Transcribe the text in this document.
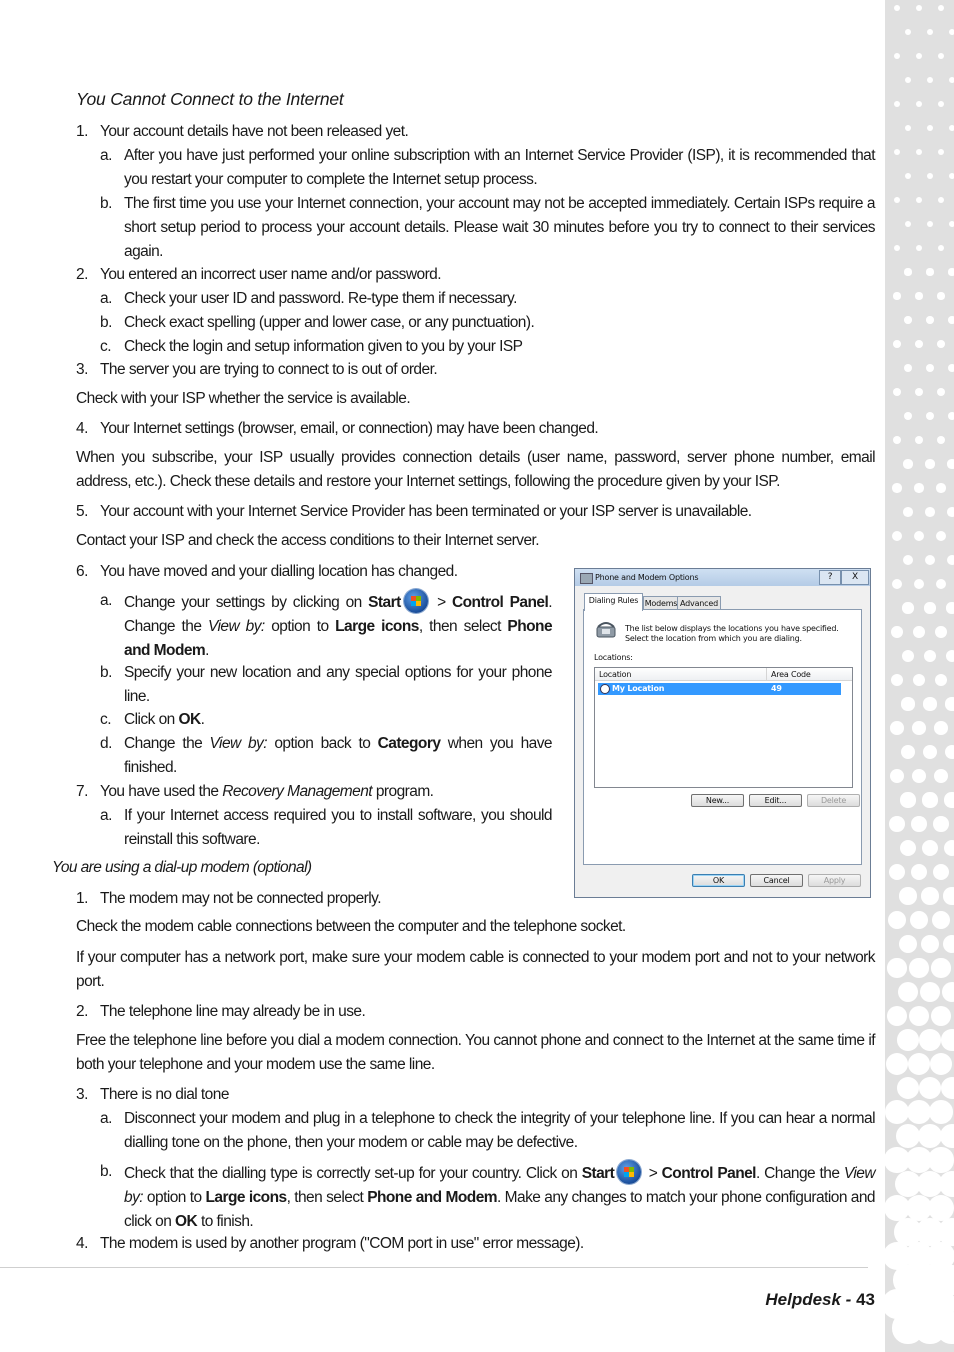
You Cannot Connect to the Internet
1. Your account details have not been released yet.
a. After you have just performed your online subscription with an Internet Service Provider (ISP), it is recommended that you restart your computer to complete the Internet setup process.
b. The first time you use your Internet connection, your account may not be accepted immediately. Certain ISPs require a short setup period to process your account details. Please wait 30 minutes before you try to connect to their services again.
2. You entered an incorrect user name and/or password.
a. Check your user ID and password. Re-type them if necessary.
b. Check exact spelling (upper and lower case, or any punctuation).
c. Check the login and setup information given to you by your ISP
3. The server you are trying to connect to is out of order.
Check with your ISP whether the service is available.
4. Your Internet settings (browser, email, or connection) may have been changed.
When you subscribe, your ISP usually provides connection details (user name, password, server phone number, email address, etc.). Check these details and restore your Internet settings, following the procedure given by your ISP.
5. Your account with your Internet Service Provider has been terminated or your ISP server is unavailable.
Contact your ISP and check the access conditions to their Internet server.
6. You have moved and your dialling location has changed.
a. Change your settings by clicking on Start
> Control Panel. Change the View by: option to Large icons, then select Phone and Modem.
b. Specify your new location and any special options for your phone line.
c. Click on OK.
d. Change the View by: option back to Category when you have finished.
7. You have used the Recovery Management program.
a. If your Internet access required you to install software, you should reinstall this software.
You are using a dial-up modem (optional)
1. The modem may not be connected properly.
Check the modem cable connections between the computer and the telephone socket.
If your computer has a network port, make sure your modem cable is connected to your modem port and not to your network port.
2. The telephone line may already be in use.
Free the telephone line before you dial a modem connection. You cannot phone and connect to the Internet at the same time if both your telephone and your modem use the same line.
3. There is no dial tone
a. Disconnect your modem and plug in a telephone to check the integrity of your telephone line. If you can hear a normal dialling tone on the phone, then your modem or cable may be defective.
b. Check that the dialling type is correctly set-up for your country. Click on Start
> Control Panel. Change the View by: option to Large icons, then select Phone and Modem. Make any changes to match your phone configuration and click on OK to finish.
4. The modem is used by another program ("COM port in use" error message).
Phone and Modem Options	?	X
Modems Advanced
The list below displays the locations you have specified. Select the location from which you are dialing.
Locations:
Location	Area Code
My Location	49
New...	Edit...	Delete
Dialing Rules
OK	Cancel	Apply
Helpdesk - 43
